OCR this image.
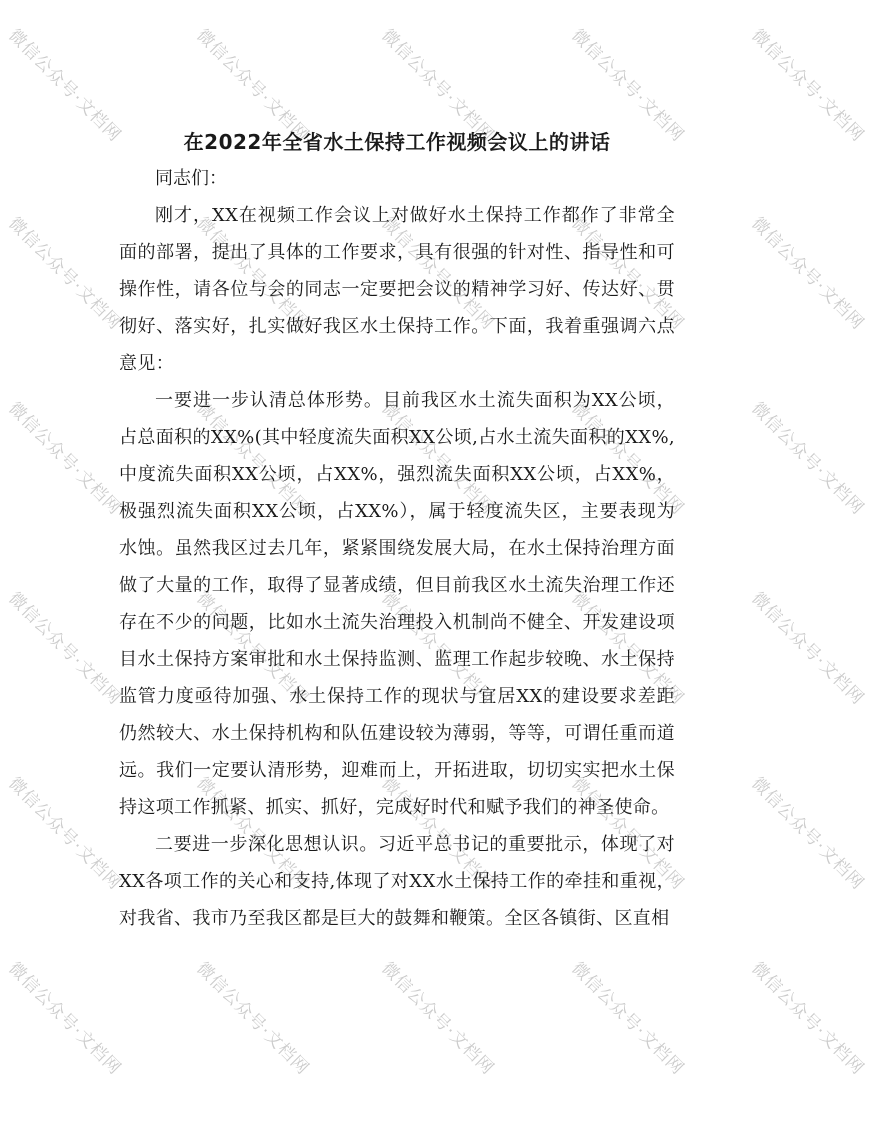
微信公众号·文档网	微信公众号·文档网	微信公众号·文档网	微信公众号·文档网	微信公众号·文档网
微信公众号·文档网	微信公众号·文档网	微信公众号·文档网	微信公众号·文档网	微信公众号·文档网
微信公众号·文档网	微信公众号·文档网	微信公众号·文档网	微信公众号·文档网	微信公众号·文档网
微信公众号·文档网	微信公众号·文档网	微信公众号·文档网	微信公众号·文档网	微信公众号·文档网
微信公众号·文档网	微信公众号·文档网	微信公众号·文档网	微信公众号·文档网	微信公众号·文档网
微信公众号·文档网	微信公众号·文档网	微信公众号·文档网	微信公众号·文档网	微信公众号·文档网
在2022年全省水土保持工作视频会议上的讲话

同志们：

刚才，XX在视频工作会议上对做好水土保持工作都作了非常全面的部署，提出了具体的工作要求，具有很强的针对性、指导性和可操作性，请各位与会的同志一定要把会议的精神学习好、传达好、贯彻好、落实好，扎实做好我区水土保持工作。下面，我着重强调六点意见：

一要进一步认清总体形势。目前我区水土流失面积为XX公顷，占总面积的XX%(其中轻度流失面积XX公顷,占水土流失面积的XX%,中度流失面积XX公顷，占XX%，强烈流失面积XX公顷，占XX%，极强烈流失面积XX公顷，占XX%），属于轻度流失区，主要表现为水蚀。虽然我区过去几年，紧紧围绕发展大局，在水土保持治理方面做了大量的工作，取得了显著成绩，但目前我区水土流失治理工作还存在不少的问题，比如水土流失治理投入机制尚不健全、开发建设项目水土保持方案审批和水土保持监测、监理工作起步较晚、水土保持监管力度亟待加强、水土保持工作的现状与宜居XX的建设要求差距仍然较大、水土保持机构和队伍建设较为薄弱，等等，可谓任重而道远。我们一定要认清形势，迎难而上，开拓进取，切切实实把水土保持这项工作抓紧、抓实、抓好，完成好时代和赋予我们的神圣使命。

二要进一步深化思想认识。习近平总书记的重要批示，体现了对XX各项工作的关心和支持,体现了对XX水土保持工作的牵挂和重视，对我省、我市乃至我区都是巨大的鼓舞和鞭策。全区各镇街、区直相
